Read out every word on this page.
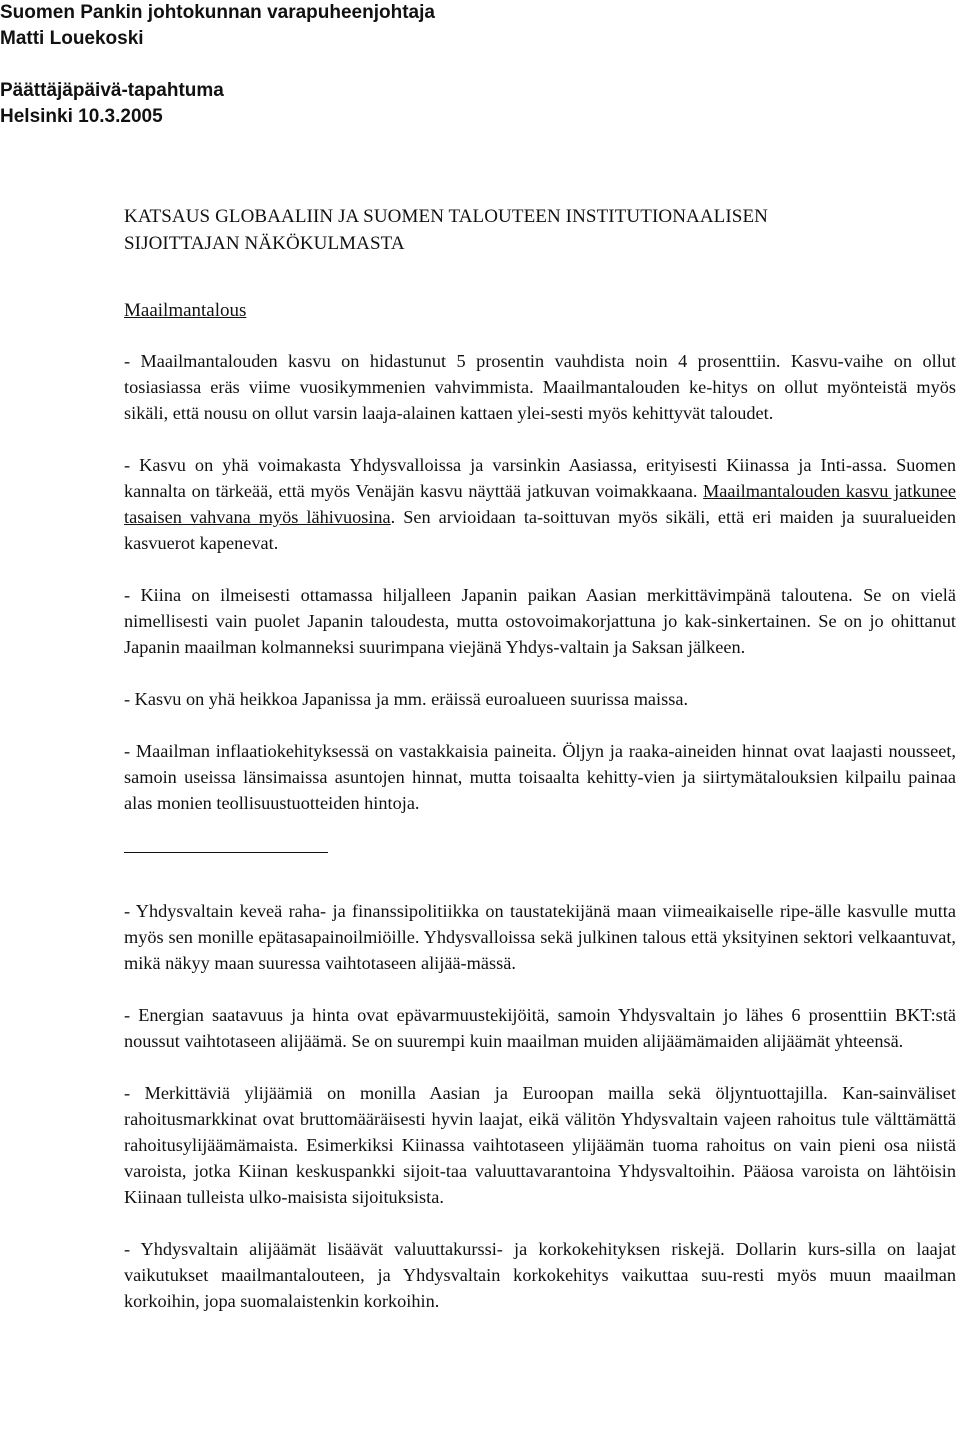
Suomen Pankin johtokunnan varapuheenjohtaja
Matti Louekoski
Päättäjäpäivä-tapahtuma
Helsinki 10.3.2005
KATSAUS GLOBAALIIN JA SUOMEN TALOUTEEN INSTITUTIONAALISEN
SIJOITTAJAN NÄKÖKULMASTA
Maailmantalous

- Maailmantalouden kasvu on hidastunut 5 prosentin vauhdista noin 4 prosenttiin. Kasvu-vaihe on ollut tosiasiassa eräs viime vuosikymmenien vahvimmista. Maailmantalouden ke-hitys on ollut myönteistä myös sikäli, että nousu on ollut varsin laaja-alainen kattaen ylei-sesti myös kehittyvät taloudet.

- Kasvu on yhä voimakasta Yhdysvalloissa ja varsinkin Aasiassa, erityisesti Kiinassa ja Inti-assa. Suomen kannalta on tärkeää, että myös Venäjän kasvu näyttää jatkuvan voimakkaana. Maailmantalouden kasvu jatkunee tasaisen vahvana myös lähivuosina. Sen arvioidaan ta-soittuvan myös sikäli, että eri maiden ja suuralueiden kasvuerot kapenevat.

- Kiina on ilmeisesti ottamassa hiljalleen Japanin paikan Aasian merkittävimpänä taloutena. Se on vielä nimellisesti vain puolet Japanin taloudesta, mutta ostovoimakorjattuna jo kak-sinkertainen. Se on jo ohittanut Japanin maailman kolmanneksi suurimpana viejänä Yhdys-valtain ja Saksan jälkeen.

- Kasvu on yhä heikkoa Japanissa ja mm. eräissä euroalueen suurissa maissa.

- Maailman inflaatiokehityksessä on vastakkaisia paineita. Öljyn ja raaka-aineiden hinnat ovat laajasti nousseet, samoin useissa länsimaissa asuntojen hinnat, mutta toisaalta kehitty-vien ja siirtymätalouksien kilpailu painaa alas monien teollisuustuotteiden hintoja.

- Yhdysvaltain keveä raha- ja finanssipolitiikka on taustatekijänä maan viimeaikaiselle ripe-älle kasvulle mutta myös sen monille epätasapainoilmiöille. Yhdysvalloissa sekä julkinen talous että yksityinen sektori velkaantuvat, mikä näkyy maan suuressa vaihtotaseen alijää-mässä.

- Energian saatavuus ja hinta ovat epävarmuustekijöitä, samoin Yhdysvaltain jo lähes 6 prosenttiin BKT:stä noussut vaihtotaseen alijäämä. Se on suurempi kuin maailman muiden alijäämämaiden alijäämät yhteensä.

- Merkittäviä ylijäämiä on monilla Aasian ja Euroopan mailla sekä öljyntuottajilla. Kan-sainväliset rahoitusmarkkinat ovat bruttomääräisesti hyvin laajat, eikä välitön Yhdysvaltain vajeen rahoitus tule välttämättä rahoitusylijäämämaista. Esimerkiksi Kiinassa vaihtotaseen ylijäämän tuoma rahoitus on vain pieni osa niistä varoista, jotka Kiinan keskuspankki sijoit-taa valuuttavarantoina Yhdysvaltoihin. Pääosa varoista on lähtöisin Kiinaan tulleista ulko-maisista sijoituksista.

- Yhdysvaltain alijäämät lisäävät valuuttakurssi- ja korkokehityksen riskejä. Dollarin kurs-silla on laajat vaikutukset maailmantalouteen, ja Yhdysvaltain korkokehitys vaikuttaa suu-resti myös muun maailman korkoihin, jopa suomalaistenkin korkoihin.
